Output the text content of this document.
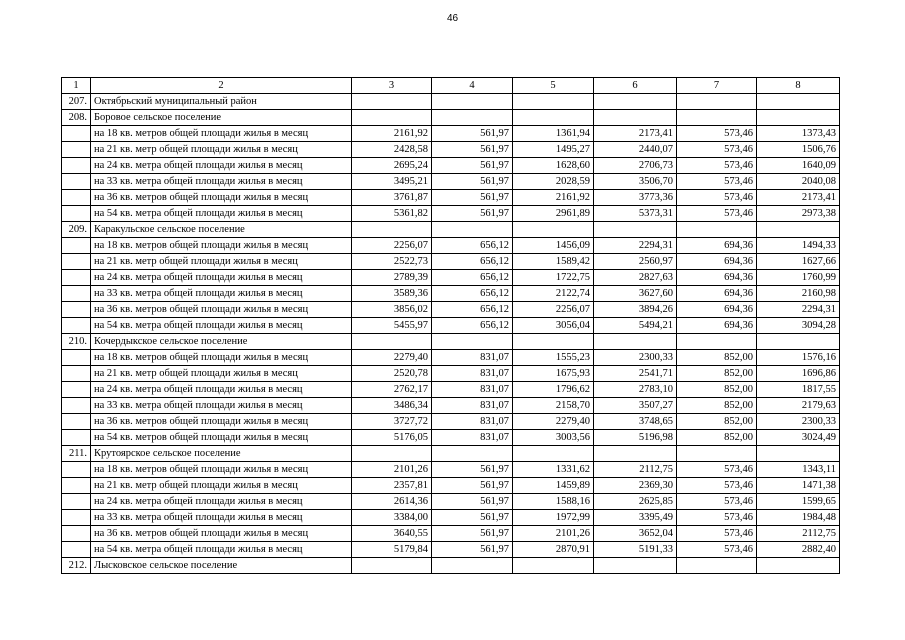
46
1	2	3	4	5	6	7	8
207.	Октябрьский муниципальный район						
208.	Боровое сельское поселение						
	на 18 кв. метров общей площади жилья в месяц	2161,92	561,97	1361,94	2173,41	573,46	1373,43
	на 21 кв. метр общей площади жилья в месяц	2428,58	561,97	1495,27	2440,07	573,46	1506,76
	на 24 кв. метра общей площади жилья в месяц	2695,24	561,97	1628,60	2706,73	573,46	1640,09
	на 33 кв. метра общей площади жилья в месяц	3495,21	561,97	2028,59	3506,70	573,46	2040,08
	на 36 кв. метров общей площади жилья в месяц	3761,87	561,97	2161,92	3773,36	573,46	2173,41
	на 54 кв. метра общей площади жилья в месяц	5361,82	561,97	2961,89	5373,31	573,46	2973,38
209.	Каракульское сельское поселение						
	на 18 кв. метров общей площади жилья в месяц	2256,07	656,12	1456,09	2294,31	694,36	1494,33
	на 21 кв. метр общей площади жилья в месяц	2522,73	656,12	1589,42	2560,97	694,36	1627,66
	на 24 кв. метра общей площади жилья в месяц	2789,39	656,12	1722,75	2827,63	694,36	1760,99
	на 33 кв. метра общей площади жилья в месяц	3589,36	656,12	2122,74	3627,60	694,36	2160,98
	на 36 кв. метров общей площади жилья в месяц	3856,02	656,12	2256,07	3894,26	694,36	2294,31
	на 54 кв. метра общей площади жилья в месяц	5455,97	656,12	3056,04	5494,21	694,36	3094,28
210.	Кочердыкское сельское поселение						
	на 18 кв. метров общей площади жилья в месяц	2279,40	831,07	1555,23	2300,33	852,00	1576,16
	на 21 кв. метр общей площади жилья в месяц	2520,78	831,07	1675,93	2541,71	852,00	1696,86
	на 24 кв. метра общей площади жилья в месяц	2762,17	831,07	1796,62	2783,10	852,00	1817,55
	на 33 кв. метра общей площади жилья в месяц	3486,34	831,07	2158,70	3507,27	852,00	2179,63
	на 36 кв. метров общей площади жилья в месяц	3727,72	831,07	2279,40	3748,65	852,00	2300,33
	на 54 кв. метров общей площади жилья в месяц	5176,05	831,07	3003,56	5196,98	852,00	3024,49
211.	Крутоярское сельское поселение						
	на 18 кв. метров общей площади жилья в месяц	2101,26	561,97	1331,62	2112,75	573,46	1343,11
	на 21 кв. метр общей площади жилья в месяц	2357,81	561,97	1459,89	2369,30	573,46	1471,38
	на 24 кв. метра общей площади жилья в месяц	2614,36	561,97	1588,16	2625,85	573,46	1599,65
	на 33 кв. метра общей площади жилья в месяц	3384,00	561,97	1972,99	3395,49	573,46	1984,48
	на 36 кв. метров общей площади жилья в месяц	3640,55	561,97	2101,26	3652,04	573,46	2112,75
	на 54 кв. метра общей площади жилья в месяц	5179,84	561,97	2870,91	5191,33	573,46	2882,40
212.	Лысковское сельское поселение						
